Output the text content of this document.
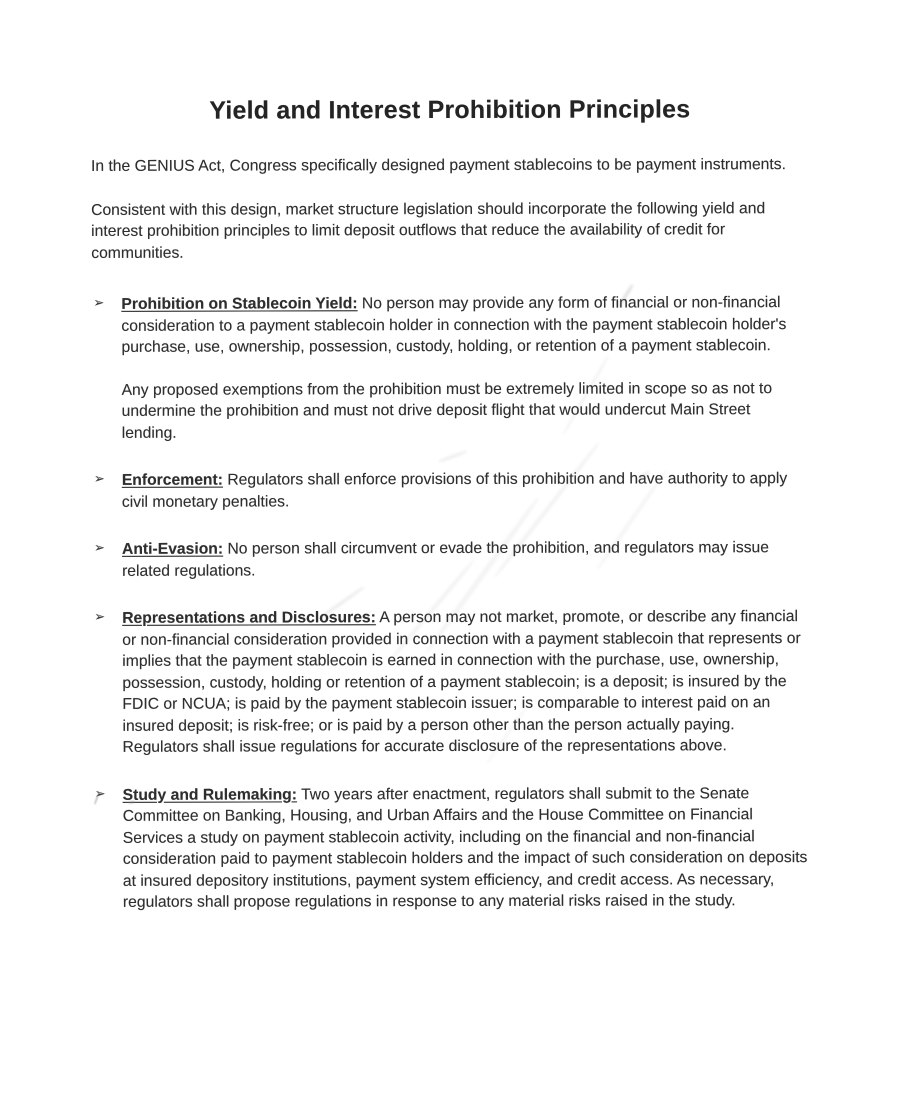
Yield and Interest Prohibition Principles

In the GENIUS Act, Congress specifically designed payment stablecoins to be payment instruments.

Consistent with this design, market structure legislation should incorporate the following yield and interest prohibition principles to limit deposit outflows that reduce the availability of credit for communities.

➢ Prohibition on Stablecoin Yield: No person may provide any form of financial or non-financial consideration to a payment stablecoin holder in connection with the payment stablecoin holder's purchase, use, ownership, possession, custody, holding, or retention of a payment stablecoin.

Any proposed exemptions from the prohibition must be extremely limited in scope so as not to undermine the prohibition and must not drive deposit flight that would undercut Main Street lending.

➢ Enforcement: Regulators shall enforce provisions of this prohibition and have authority to apply civil monetary penalties.

➢ Anti-Evasion: No person shall circumvent or evade the prohibition, and regulators may issue related regulations.

➢ Representations and Disclosures: A person may not market, promote, or describe any financial or non-financial consideration provided in connection with a payment stablecoin that represents or implies that the payment stablecoin is earned in connection with the purchase, use, ownership, possession, custody, holding or retention of a payment stablecoin; is a deposit; is insured by the FDIC or NCUA; is paid by the payment stablecoin issuer; is comparable to interest paid on an insured deposit; is risk-free; or is paid by a person other than the person actually paying. Regulators shall issue regulations for accurate disclosure of the representations above.

➢ Study and Rulemaking: Two years after enactment, regulators shall submit to the Senate Committee on Banking, Housing, and Urban Affairs and the House Committee on Financial Services a study on payment stablecoin activity, including on the financial and non-financial consideration paid to payment stablecoin holders and the impact of such consideration on deposits at insured depository institutions, payment system efficiency, and credit access. As necessary, regulators shall propose regulations in response to any material risks raised in the study.
